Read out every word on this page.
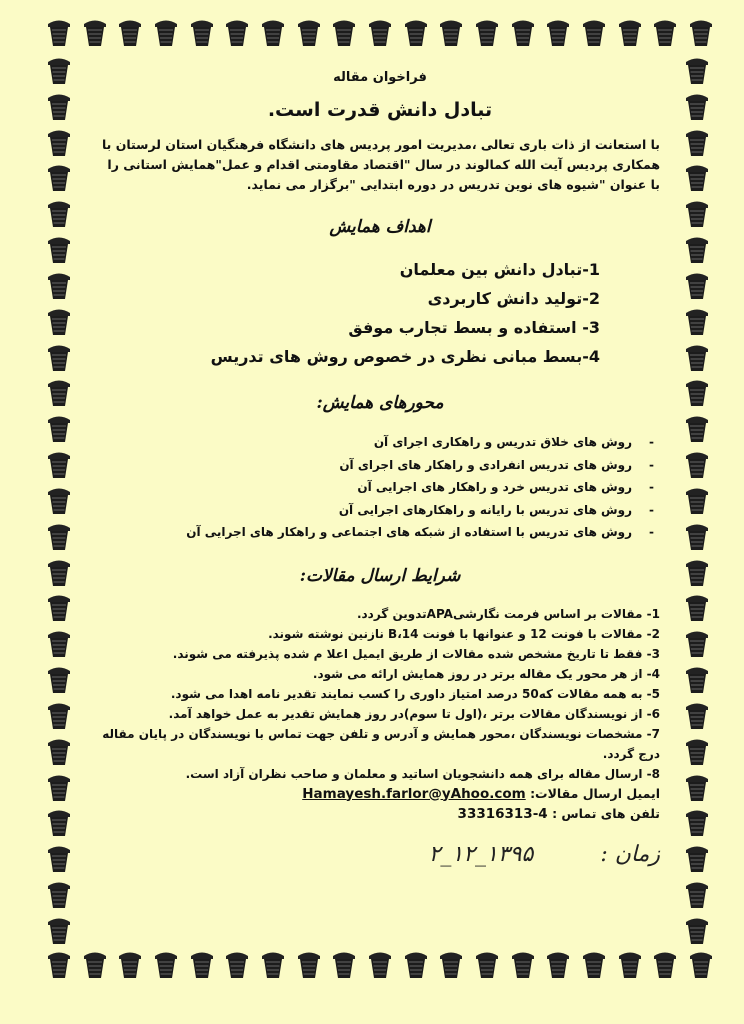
فراخوان مقاله
تبادل دانش قدرت است.
با استعانت از ذات باری تعالی ،مدیریت امور پردیس های دانشگاه فرهنگیان استان لرستان با همکاری پردیس آیت الله کمالوند در سال "اقتصاد مقاومتی اقدام و عمل"همایش استانی را با عنوان "شیوه های نوین تدریس در دوره ابتدایی "برگزار می نماید.
اهداف همایش
1-تبادل دانش بین معلمان
2-تولید دانش کاربردی
3- استفاده و بسط تجارب موفق
4-بسط مبانی نظری در خصوص روش های تدریس
محورهای همایش:
- روش های خلاق تدریس و راهکاری اجرای آن
- روش های تدریس انفرادی و راهکار های اجرای آن
- روش های تدریس خرد و راهکار های اجرایی آن
- روش های تدریس با رایانه و راهکارهای اجرایی آن
- روش های تدریس با استفاده از شبکه های اجتماعی و راهکار های اجرایی آن
شرایط ارسال مقالات:
1- مقالات بر اساس فرمت نگارشیAPAتدوین گردد.
2- مقالات با فونت 12 و عنوانها با فونت B،14 نازنین نوشته شوند.
3- فقط تا تاریخ مشخص شده مقالات از طریق ایمیل اعلا م شده پذیرفته می شوند.
4- از هر محور یک مقاله برتر در روز همایش ارائه می شود.
5- به همه مقالات که50 درصد امتیاز داوری را کسب نمایند تقدیر نامه اهدا می شود.
6- از نویسندگان مقالات برتر ،(اول تا سوم)در روز همایش تقدیر به عمل خواهد آمد.
7- مشخصات نویسندگان ،محور همایش و آدرس و تلفن جهت تماس با نویسندگان در پایان مقاله درج گردد.
8- ارسال مقاله برای همه دانشجویان اساتید و معلمان و صاحب نظران آزاد است.
ایمیل ارسال مقالات: Hamayesh.farlor@yAhoo.com
تلفن های تماس : 33316313-4
زمان : ۱۳۹۵_۱۲_۲
